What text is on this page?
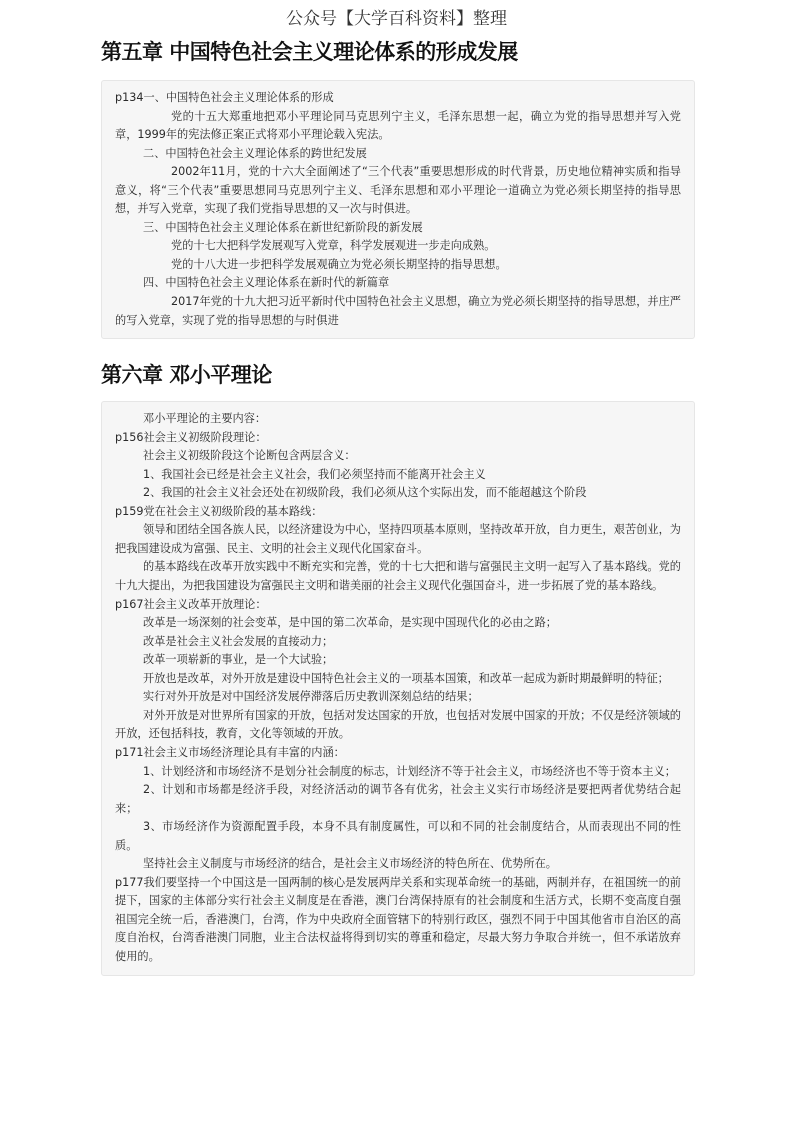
公众号【大学百科资料】整理
第五章 中国特色社会主义理论体系的形成发展

p134一、中国特色社会主义理论体系的形成

党的十五大郑重地把邓小平理论同马克思列宁主义，毛泽东思想一起，确立为党的指导思想并写入党章，1999年的宪法修正案正式将邓小平理论载入宪法。

二、中国特色社会主义理论体系的跨世纪发展

2002年11月，党的十六大全面阐述了“三个代表”重要思想形成的时代背景，历史地位精神实质和指导意义，将“三个代表”重要思想同马克思列宁主义、毛泽东思想和邓小平理论一道确立为党必须长期坚持的指导思想，并写入党章，实现了我们党指导思想的又一次与时俱进。

三、中国特色社会主义理论体系在新世纪新阶段的新发展

党的十七大把科学发展观写入党章，科学发展观进一步走向成熟。

党的十八大进一步把科学发展观确立为党必须长期坚持的指导思想。

四、中国特色社会主义理论体系在新时代的新篇章

2017年党的十九大把习近平新时代中国特色社会主义思想，确立为党必须长期坚持的指导思想，并庄严的写入党章，实现了党的指导思想的与时俱进

第六章 邓小平理论

邓小平理论的主要内容：

p156社会主义初级阶段理论：

社会主义初级阶段这个论断包含两层含义：

1、我国社会已经是社会主义社会，我们必须坚持而不能离开社会主义

2、我国的社会主义社会还处在初级阶段，我们必须从这个实际出发，而不能超越这个阶段

p159党在社会主义初级阶段的基本路线：

领导和团结全国各族人民，以经济建设为中心，坚持四项基本原则，坚持改革开放，自力更生，艰苦创业，为把我国建设成为富强、民主、文明的社会主义现代化国家奋斗。

的基本路线在改革开放实践中不断充实和完善，党的十七大把和谐与富强民主文明一起写入了基本路线。党的十九大提出，为把我国建设为富强民主文明和谐美丽的社会主义现代化强国奋斗，进一步拓展了党的基本路线。

p167社会主义改革开放理论：

改革是一场深刻的社会变革，是中国的第二次革命，是实现中国现代化的必由之路；

改革是社会主义社会发展的直接动力；

改革一项崭新的事业，是一个大试验；

开放也是改革，对外开放是建设中国特色社会主义的一项基本国策，和改革一起成为新时期最鲜明的特征；

实行对外开放是对中国经济发展停滞落后历史教训深刻总结的结果；

对外开放是对世界所有国家的开放，包括对发达国家的开放，也包括对发展中国家的开放；不仅是经济领域的开放，还包括科技，教育，文化等领域的开放。

p171社会主义市场经济理论具有丰富的内涵：

1、计划经济和市场经济不是划分社会制度的标志，计划经济不等于社会主义，市场经济也不等于资本主义；

2、计划和市场都是经济手段，对经济活动的调节各有优劣，社会主义实行市场经济是要把两者优势结合起来；

3、市场经济作为资源配置手段，本身不具有制度属性，可以和不同的社会制度结合，从而表现出不同的性质。

坚持社会主义制度与市场经济的结合，是社会主义市场经济的特色所在、优势所在。

p177我们要坚持一个中国这是一国两制的核心是发展两岸关系和实现革命统一的基础，两制并存，在祖国统一的前提下，国家的主体部分实行社会主义制度是在香港，澳门台湾保持原有的社会制度和生活方式，长期不变高度自强祖国完全统一后，香港澳门，台湾，作为中央政府全面管辖下的特别行政区，强烈不同于中国其他省市自治区的高度自治权，台湾香港澳门同胞，业主合法权益将得到切实的尊重和稳定，尽最大努力争取合并统一，但不承诺放弃使用的。
